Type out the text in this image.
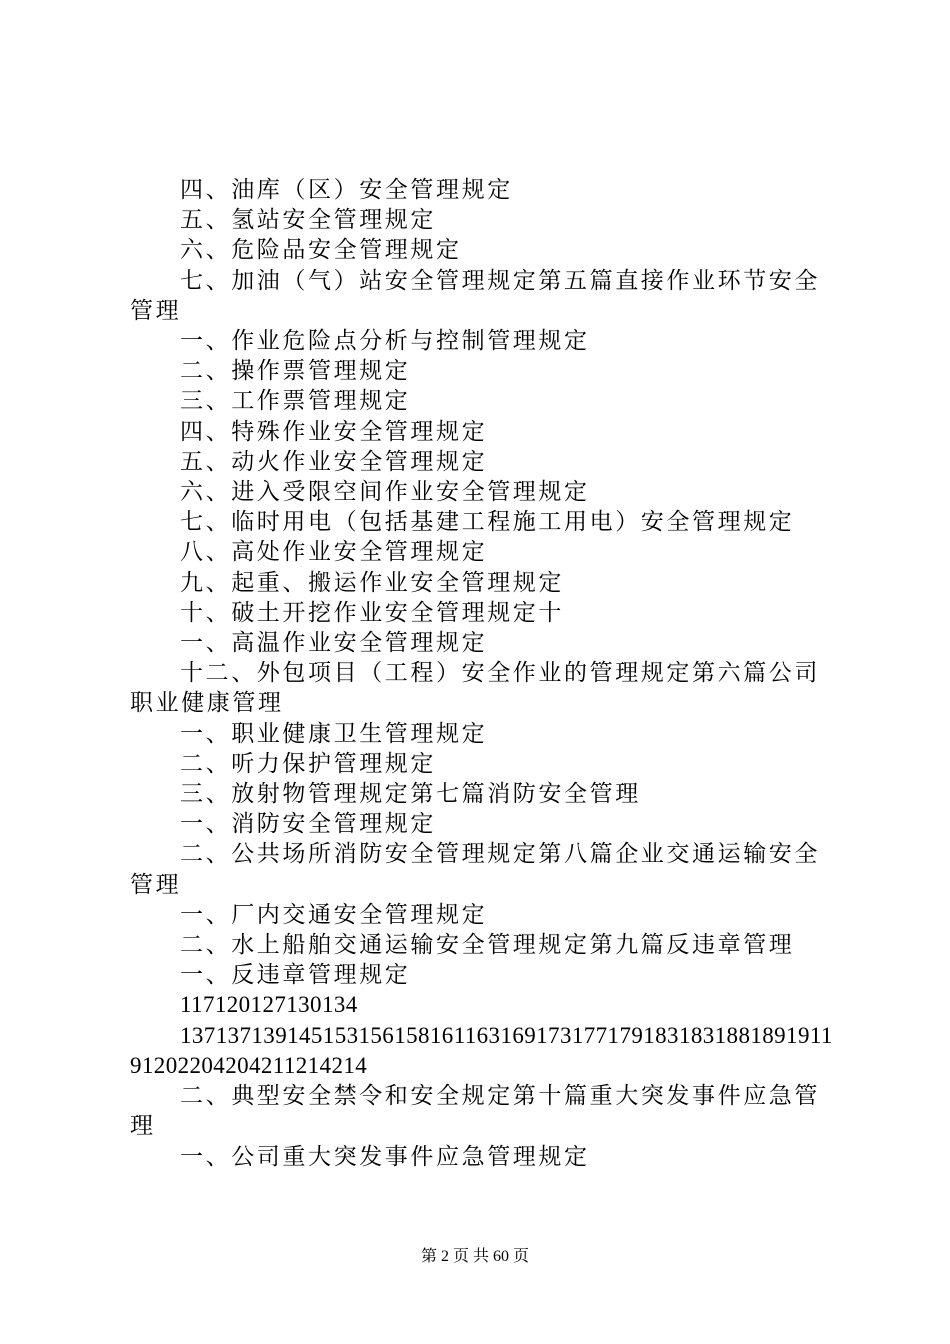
四、油库（区）安全管理规定

五、氢站安全管理规定

六、危险品安全管理规定

七、加油（气）站安全管理规定第五篇直接作业环节安全管理

一、作业危险点分析与控制管理规定

二、操作票管理规定

三、工作票管理规定

四、特殊作业安全管理规定

五、动火作业安全管理规定

六、进入受限空间作业安全管理规定

七、临时用电（包括基建工程施工用电）安全管理规定

八、高处作业安全管理规定

九、起重、搬运作业安全管理规定

十、破土开挖作业安全管理规定十

一、高温作业安全管理规定

十二、外包项目（工程）安全作业的管理规定第六篇公司职业健康管理

一、职业健康卫生管理规定

二、听力保护管理规定

三、放射物管理规定第七篇消防安全管理

一、消防安全管理规定

二、公共场所消防安全管理规定第八篇企业交通运输安全管理

一、厂内交通安全管理规定

二、水上船舶交通运输安全管理规定第九篇反违章管理

一、反违章管理规定

117120127130134

1371371391451531561581611631691731771791831831881891911912022042042112142​14

二、典型安全禁令和安全规定第十篇重大突发事件应急管理

一、公司重大突发事件应急管理规定

第 2 页 共 60 页
